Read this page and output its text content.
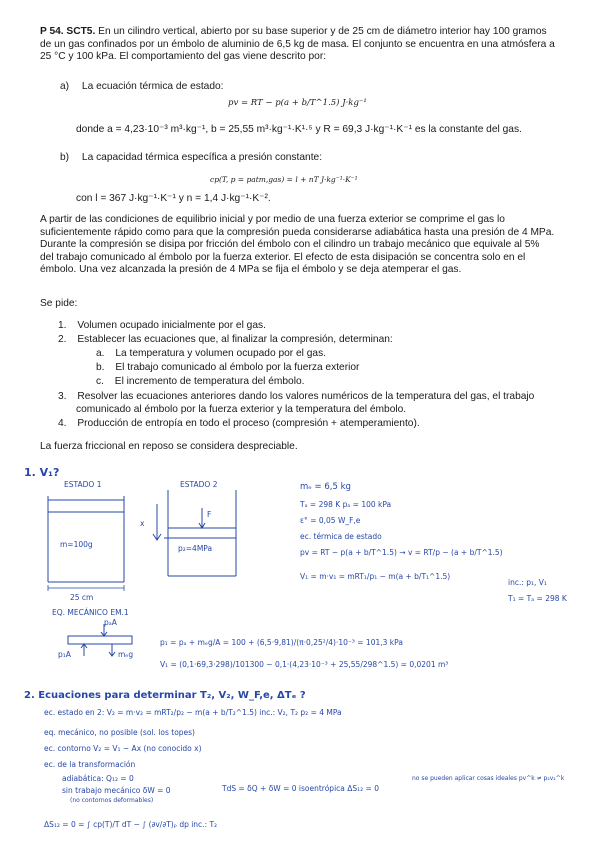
P 54. SCT5. En un cilindro vertical, abierto por su base superior y de 25 cm de diámetro interior hay 100 gramos
de un gas confinados por un émbolo de aluminio de 6,5 kg de masa. El conjunto se encuentra en una atmósfera a
25 °C y 100 kPa. El comportamiento del gas viene descrito por:
a) La ecuación térmica de estado:
pv = RT − p(a + b/T^1.5) J·kg⁻¹
donde a = 4,23·10⁻³ m³·kg⁻¹, b = 25,55 m³·kg⁻¹·K¹·⁵ y R = 69,3 J·kg⁻¹·K⁻¹ es la constante del gas.
b) La capacidad térmica específica a presión constante:
cp(T, p = patm,gas) = l + nT J·kg⁻¹·K⁻¹
con l = 367 J·kg⁻¹·K⁻¹ y n = 1,4 J·kg⁻¹·K⁻².
A partir de las condiciones de equilibrio inicial y por medio de una fuerza exterior se comprime el gas lo
suficientemente rápido como para que la compresión pueda considerarse adiabática hasta una presión de 4 MPa.
Durante la compresión se disipa por fricción del émbolo con el cilindro un trabajo mecánico que equivale al 5%
del trabajo comunicado al émbolo por la fuerza exterior. El efecto de esta disipación se concentra solo en el
émbolo. Una vez alcanzada la presión de 4 MPa se fija el émbolo y se deja atemperar el gas.
Se pide:
1. Volumen ocupado inicialmente por el gas.
2. Establecer las ecuaciones que, al finalizar la compresión, determinan:
a. La temperatura y volumen ocupado por el gas.
b. El trabajo comunicado al émbolo por la fuerza exterior
c. El incremento de temperatura del émbolo.
3. Resolver las ecuaciones anteriores dando los valores numéricos de la temperatura del gas, el trabajo
comunicado al émbolo por la fuerza exterior y la temperatura del émbolo.
4. Producción de entropía en todo el proceso (compresión + atemperamiento).
La fuerza friccional en reposo se considera despreciable.
1. V₁?
ESTADO 1
m=100g
25 cm
x
ESTADO 2
F
p₂=4MPa
mₑ = 6,5 kg
Tₐ = 298 K pₐ = 100 kPa
ε° = 0,05 W_F,e
ec. térmica de estado
pv = RT − p(a + b/T^1.5) → v = RT/p − (a + b/T^1.5)
V₁ = m·v₁ = mRT₁/p₁ − m(a + b/T₁^1.5)
inc.: p₁, V₁
T₁ = Tₐ = 298 K
EQ. MECÁNICO EM.1
pₐA
p₁A	mₑg
p₁ = pₐ + mₑg/A = 100 + (6,5·9,81)/(π·0,25²/4)·10⁻³ = 101,3 kPa
V₁ = (0,1·69,3·298)/101300 − 0,1·(4,23·10⁻³ + 25,55/298^1.5) = 0,0201 m³
2. Ecuaciones para determinar T₂, V₂, W_F,e, ΔTₑ ?
ec. estado en 2: V₂ = m·v₂ = mRT₂/p₂ − m(a + b/T₂^1.5) inc.: V₂, T₂ p₂ = 4 MPa
eq. mecánico, no posible (sol. los topes)
ec. contorno V₂ = V₁ − Ax (no conocido x)
ec. de la transformación
adiabática: Q₁₂ = 0
sin trabajo mecánico δW = 0
(no contornos deformables)
TdS = δQ + δW = 0 isoentrópica ΔS₁₂ = 0
no se pueden aplicar cosas ideales pv^k ≠ p₂v₂^k
ΔS₁₂ = 0 = ∫ cp(T)/T dT − ∫ (∂v/∂T)ₚ dp inc.: T₂
